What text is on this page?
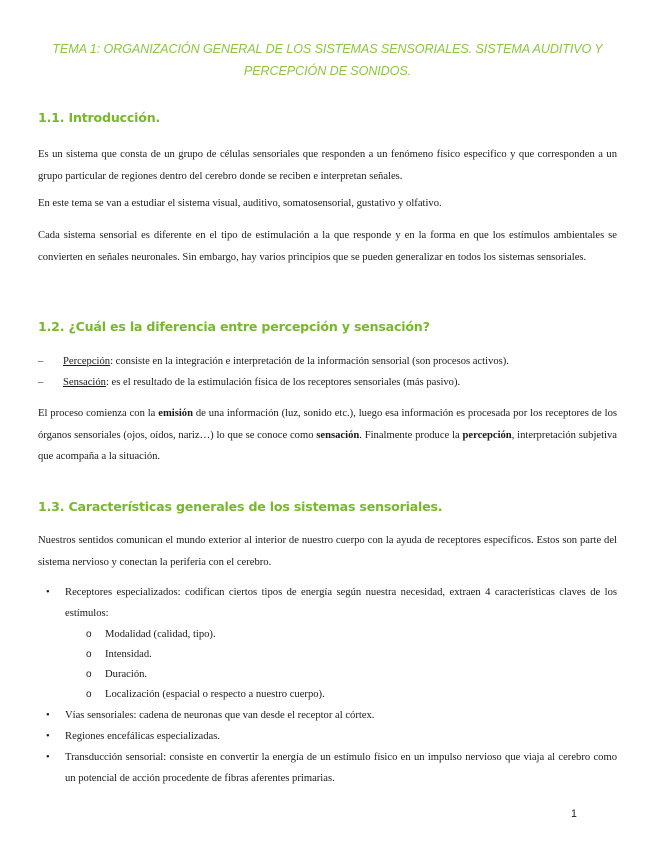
TEMA 1: ORGANIZACIÓN GENERAL DE LOS SISTEMAS SENSORIALES. SISTEMA AUDITIVO Y
PERCEPCIÓN DE SONIDOS.
1.1. Introducción.
Es un sistema que consta de un grupo de células sensoriales que responden a un fenómeno físico especifico y que corresponden a un grupo particular de regiones dentro del cerebro donde se reciben e interpretan señales.
En este tema se van a estudiar el sistema visual, auditivo, somatosensorial, gustativo y olfativo.
Cada sistema sensorial es diferente en el tipo de estimulación a la que responde y en la forma en que los estímulos ambientales se convierten en señales neuronales. Sin embargo, hay varios principios que se pueden generalizar en todos los sistemas sensoriales.
1.2. ¿Cuál es la diferencia entre percepción y sensación?
– Percepción: consiste en la integración e interpretación de la información sensorial (son procesos activos).
– Sensación: es el resultado de la estimulación física de los receptores sensoriales (más pasivo).
El proceso comienza con la emisión de una información (luz, sonido etc.), luego esa información es procesada por los receptores de los órganos sensoriales (ojos, oídos, nariz…) lo que se conoce como sensación. Finalmente produce la percepción, interpretación subjetiva que acompaña a la situación.
1.3. Características generales de los sistemas sensoriales.
Nuestros sentidos comunican el mundo exterior al interior de nuestro cuerpo con la ayuda de receptores específicos. Estos son parte del sistema nervioso y conectan la periferia con el cerebro.
• Receptores especializados: codifican ciertos tipos de energía según nuestra necesidad, extraen 4 características claves de los estímulos:
o Modalidad (calidad, tipo).
o Intensidad.
o Duración.
o Localización (espacial o respecto a nuestro cuerpo).
• Vías sensoriales: cadena de neuronas que van desde el receptor al córtex.
• Regiones encefálicas especializadas.
• Transducción sensorial: consiste en convertir la energía de un estímulo físico en un impulso nervioso que viaja al cerebro como un potencial de acción procedente de fibras aferentes primarias.
1
